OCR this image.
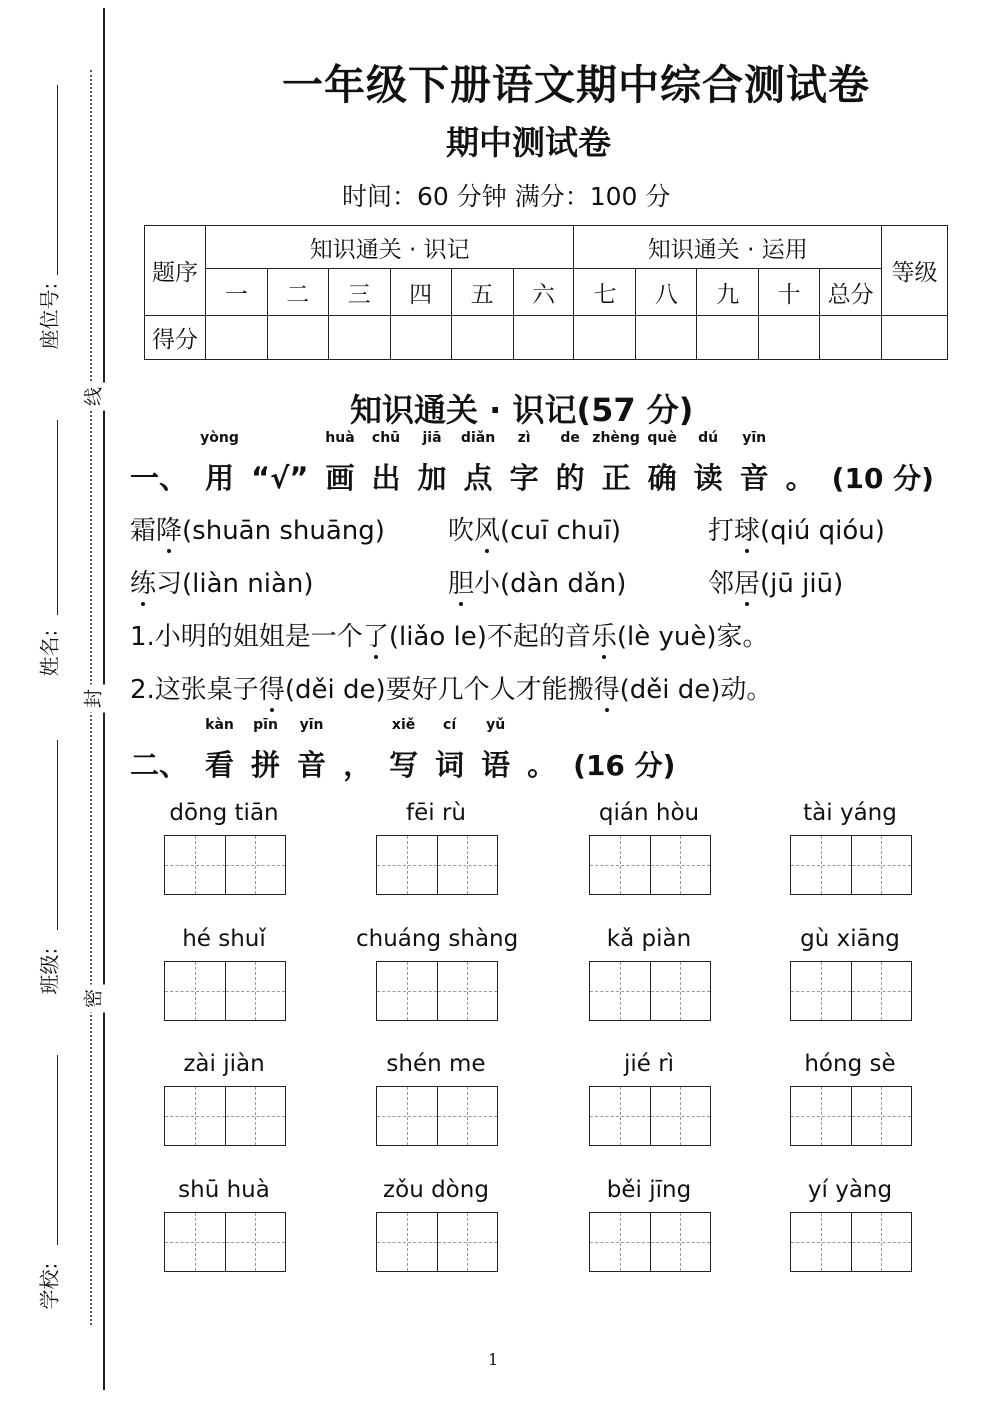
座位号:
姓名:
班级:
学校:
线
封
密
一年级下册语文期中综合测试卷
期中测试卷
时间：60 分钟 满分：100 分
题序	知识通关 · 识记						知识通关 · 运用					等级
	一	二	三	四	五	六	七	八	九	十	总分	
得分												
知识通关 · 识记(57 分)
一、
yòng
用 “√”
huà
画
chū
出
jiā
加
diǎn
点
zì
字
de
的
zhèng
正
què
确
dú
读
yīn
音 。 (10 分)
霜降(shuān shuāng) 吹风(cuī chuī)	打球(qiú qióu)
练习(liàn niàn)	胆小(dàn dǎn)	邻居(jū jiū)
1.小明的姐姐是一个了(liǎo le)不起的音乐(lè yuè)家。
2.这张桌子得(děi de)要好几个人才能搬得(děi de)动。
二、
kàn
看
pīn
拼
yīn
音 ，
xiě
写
cí
词
yǔ
语 。 (16 分)
dōng tiān	fēi rù	qián hòu	tài yáng
hé shuǐ	chuáng shàng	kǎ piàn	gù xiāng
zài jiàn	shén me	jié rì	hóng sè
shū huà	zǒu dòng	běi jīng	yí yàng
1
